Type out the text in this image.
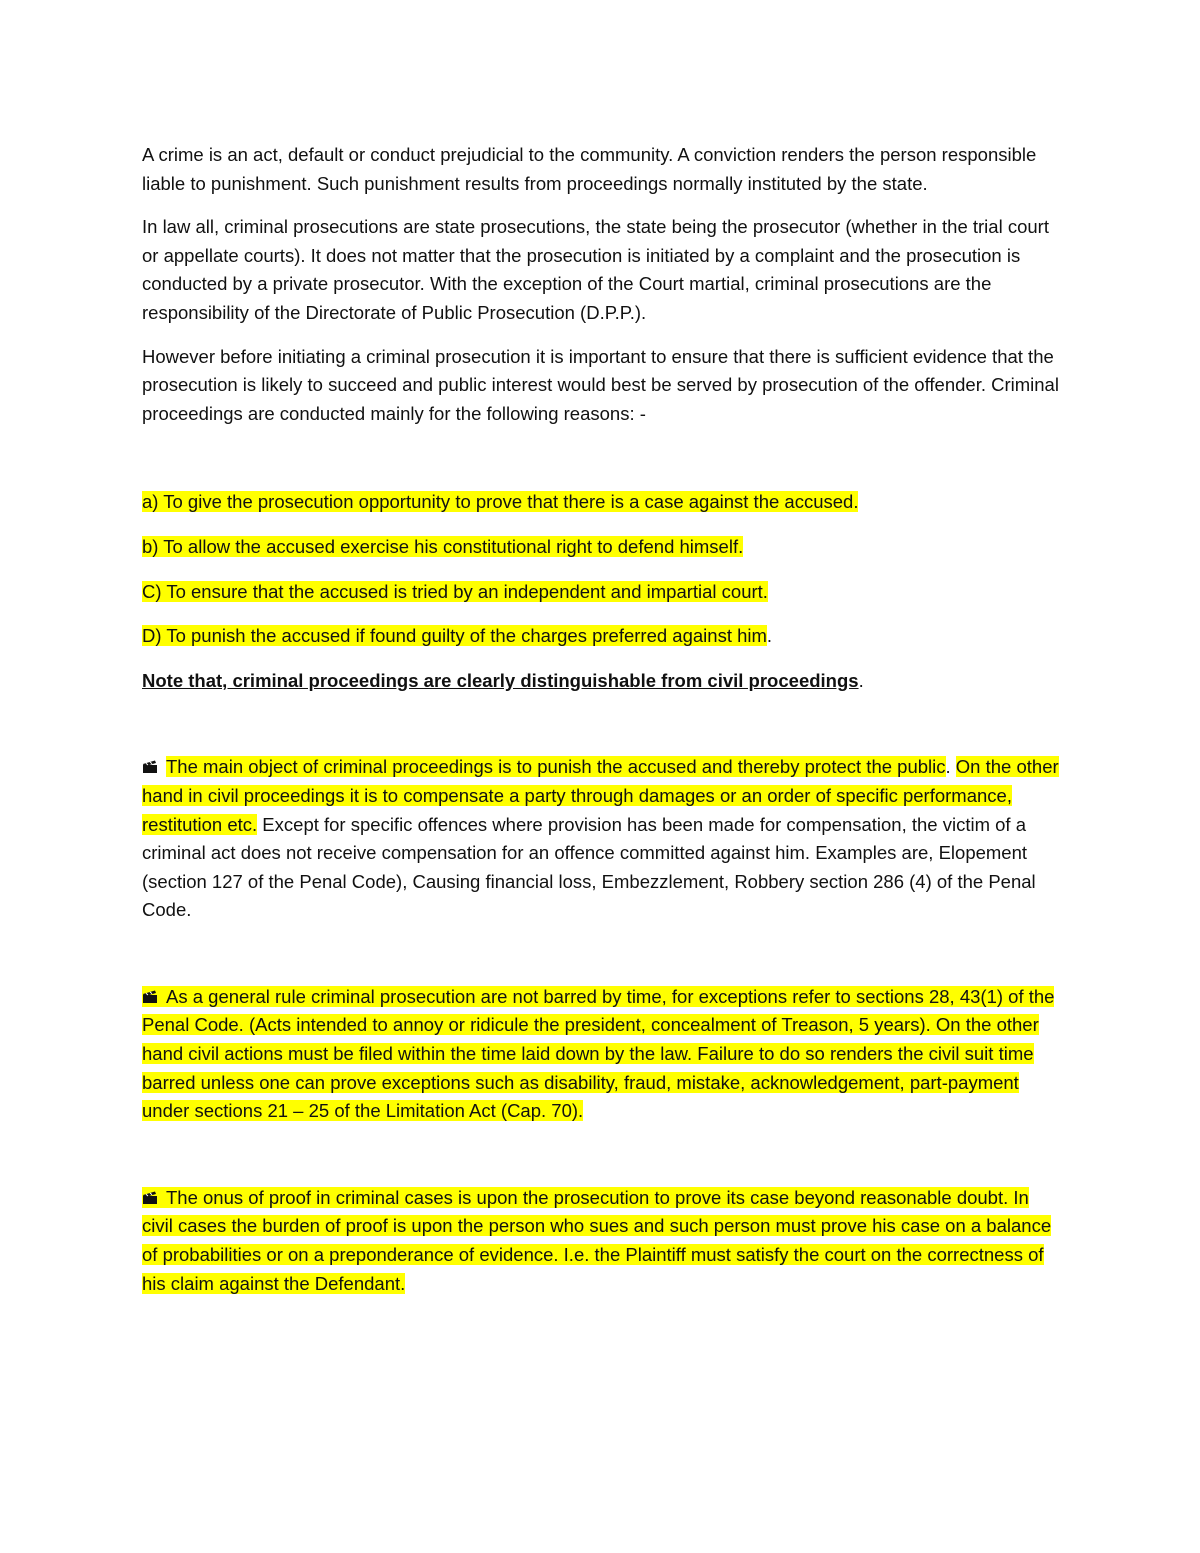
A crime is an act, default or conduct prejudicial to the community. A conviction renders the person responsible liable to punishment. Such punishment results from proceedings normally instituted by the state.

In law all, criminal prosecutions are state prosecutions, the state being the prosecutor (whether in the trial court or appellate courts). It does not matter that the prosecution is initiated by a complaint and the prosecution is conducted by a private prosecutor. With the exception of the Court martial, criminal prosecutions are the responsibility of the Directorate of Public Prosecution (D.P.P.).

However before initiating a criminal prosecution it is important to ensure that there is sufficient evidence that the prosecution is likely to succeed and public interest would best be served by prosecution of the offender. Criminal proceedings are conducted mainly for the following reasons: -

a) To give the prosecution opportunity to prove that there is a case against the accused.

b) To allow the accused exercise his constitutional right to defend himself.

C) To ensure that the accused is tried by an independent and impartial court.

D) To punish the accused if found guilty of the charges preferred against him.

Note that, criminal proceedings are clearly distinguishable from civil proceedings.

The main object of criminal proceedings is to punish the accused and thereby protect the public. On the other hand in civil proceedings it is to compensate a party through damages or an order of specific performance, restitution etc. Except for specific offences where provision has been made for compensation, the victim of a criminal act does not receive compensation for an offence committed against him. Examples are, Elopement (section 127 of the Penal Code), Causing financial loss, Embezzlement, Robbery section 286 (4) of the Penal Code.

As a general rule criminal prosecution are not barred by time, for exceptions refer to sections 28, 43(1) of the Penal Code. (Acts intended to annoy or ridicule the president, concealment of Treason, 5 years). On the other hand civil actions must be filed within the time laid down by the law. Failure to do so renders the civil suit time barred unless one can prove exceptions such as disability, fraud, mistake, acknowledgement, part-payment under sections 21 – 25 of the Limitation Act (Cap. 70).

The onus of proof in criminal cases is upon the prosecution to prove its case beyond reasonable doubt. In civil cases the burden of proof is upon the person who sues and such person must prove his case on a balance of probabilities or on a preponderance of evidence. I.e. the Plaintiff must satisfy the court on the correctness of his claim against the Defendant.
